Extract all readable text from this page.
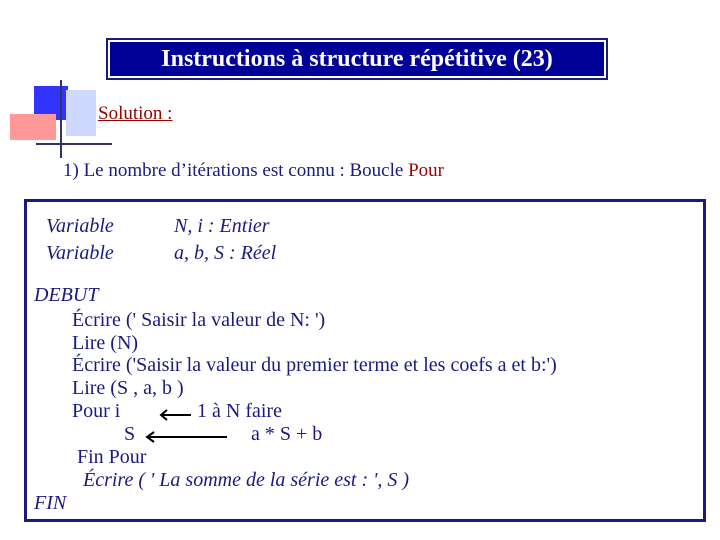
Instructions à structure répétitive (23)
Solution :
1) Le nombre d’itérations est connu : Boucle Pour
Variable	N, i : Entier
Variable	a, b, S : Réel
DEBUT
Écrire (' Saisir la valeur de N: ')
Lire (N)
Écrire ('Saisir la valeur du premier terme et les coefs a et b:')
Lire (S , a, b )
Pour i	1 à N faire
S	a * S + b
Fin Pour
Écrire ( ' La somme de la série est : ', S )
FIN
